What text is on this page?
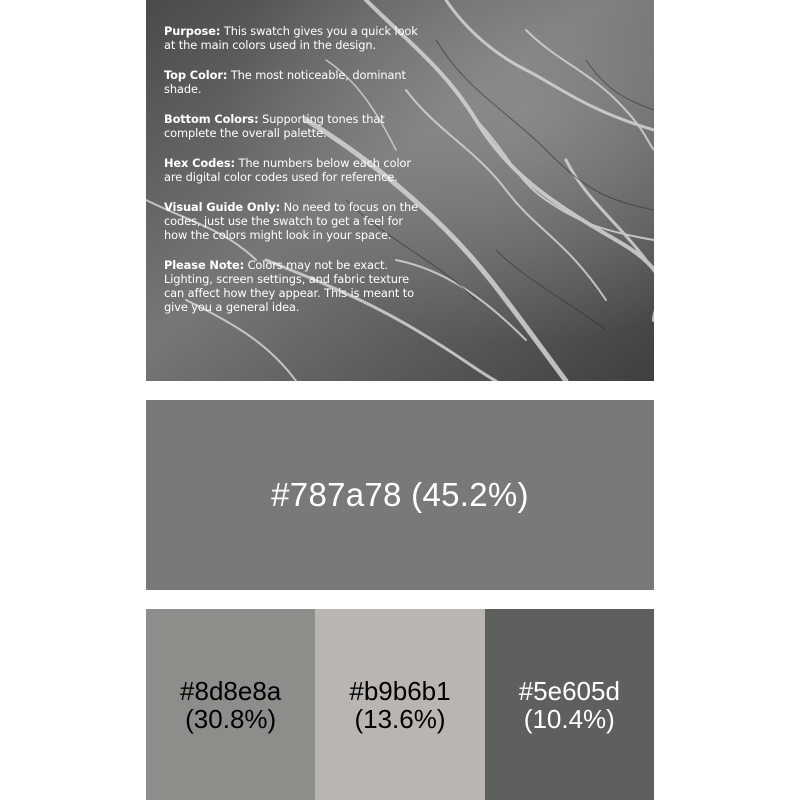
Purpose: This swatch gives you a quick look at the main colors used in the design.

Top Color: The most noticeable, dominant shade.

Bottom Colors: Supporting tones that complete the overall palette.

Hex Codes: The numbers below each color are digital color codes used for reference.

Visual Guide Only: No need to focus on the codes, just use the swatch to get a feel for how the colors might look in your space.

Please Note: Colors may not be exact. Lighting, screen settings, and fabric texture can affect how they appear. This is meant to give you a general idea.

#787a78 (45.2%)
#8d8e8a
(30.8%)
#b9b6b1
(13.6%)
#5e605d
(10.4%)
